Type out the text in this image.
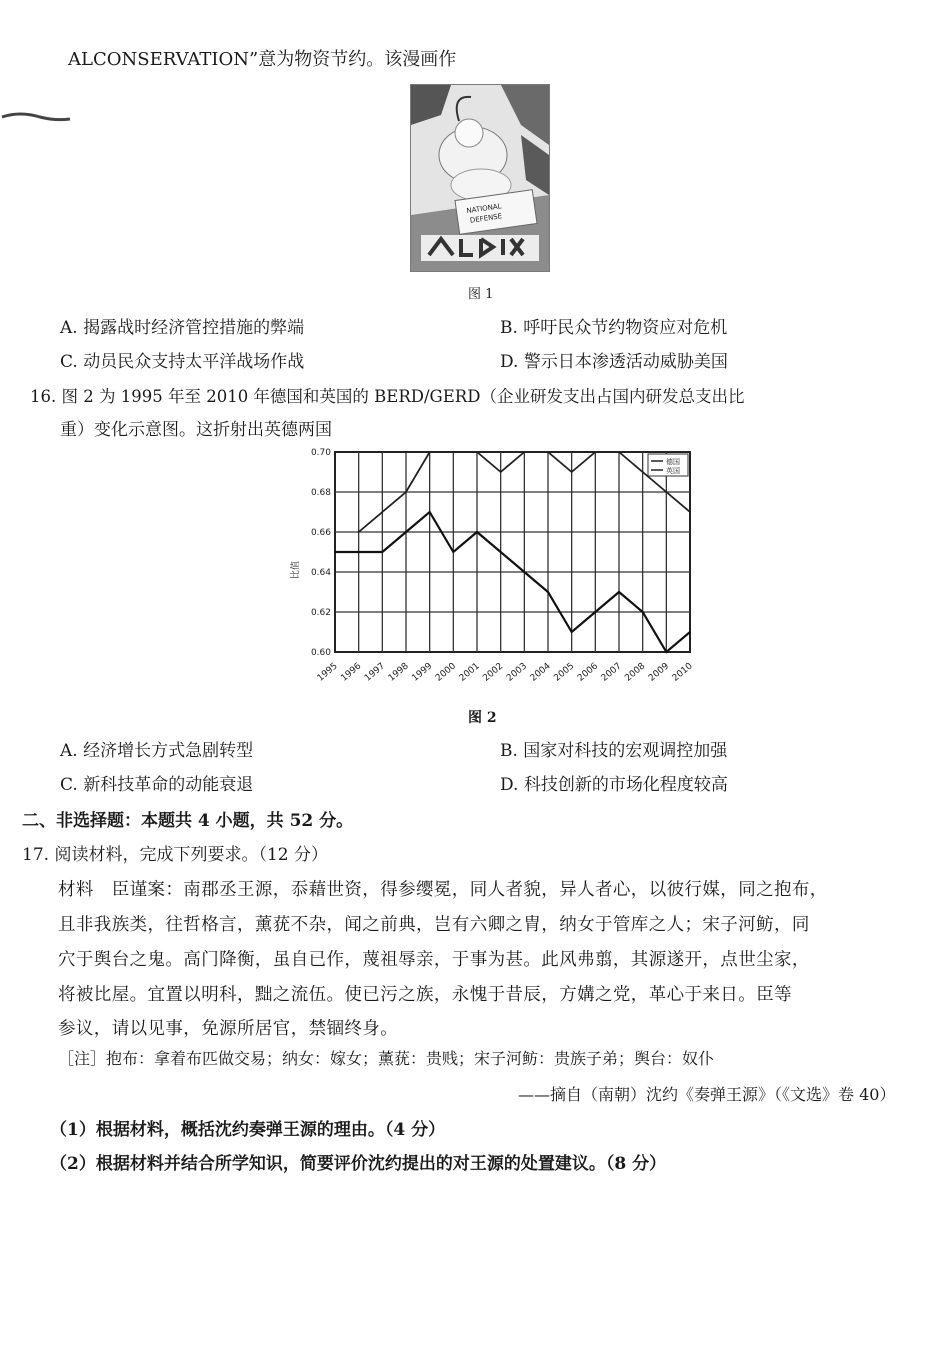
ALCONSERVATION”意为物资节约。该漫画作
NATIONAL
DEFENSE
图 1
A. 揭露战时经济管控措施的弊端	B. 呼吁民众节约物资应对危机
C. 动员民众支持太平洋战场作战	D. 警示日本渗透活动威胁美国
16. 图 2 为 1995 年至 2010 年德国和英国的 BERD/GERD（企业研发支出占国内研发总支出比
重）变化示意图。这折射出英德两国
比值
0.60
0.62
0.64
0.66
0.68
0.70
1995 1996 1997 1998 1999 2000 2001 2002 2003 2004 2005 2006 2007 2008 2009 2010
德国
英国
图 2
A. 经济增长方式急剧转型	B. 国家对科技的宏观调控加强
C. 新科技革命的动能衰退	D. 科技创新的市场化程度较高
二、非选择题：本题共 4 小题，共 52 分。
17. 阅读材料，完成下列要求。（12 分）
材料　臣谨案：南郡丞王源，忝藉世资，得参缨冕，同人者貌，异人者心，以彼行媒，同之抱布，
且非我族类，往哲格言，薰莸不杂，闻之前典，岂有六卿之胄，纳女于管库之人；宋子河鲂，同
穴于舆台之鬼。高门降衡，虽自已作，蔑祖辱亲，于事为甚。此风弗翦，其源遂开，点世尘家，
将被比屋。宜置以明科，黜之流伍。使已污之族，永愧于昔辰，方媾之党，革心于来日。臣等
参议，请以见事，免源所居官，禁锢终身。
［注］抱布：拿着布匹做交易；纳女：嫁女；薰莸：贵贱；宋子河鲂：贵族子弟；舆台：奴仆
——摘自（南朝）沈约《奏弹王源》（《文选》卷 40）
（1）根据材料，概括沈约奏弹王源的理由。（4 分）
（2）根据材料并结合所学知识，简要评价沈约提出的对王源的处置建议。（8 分）
